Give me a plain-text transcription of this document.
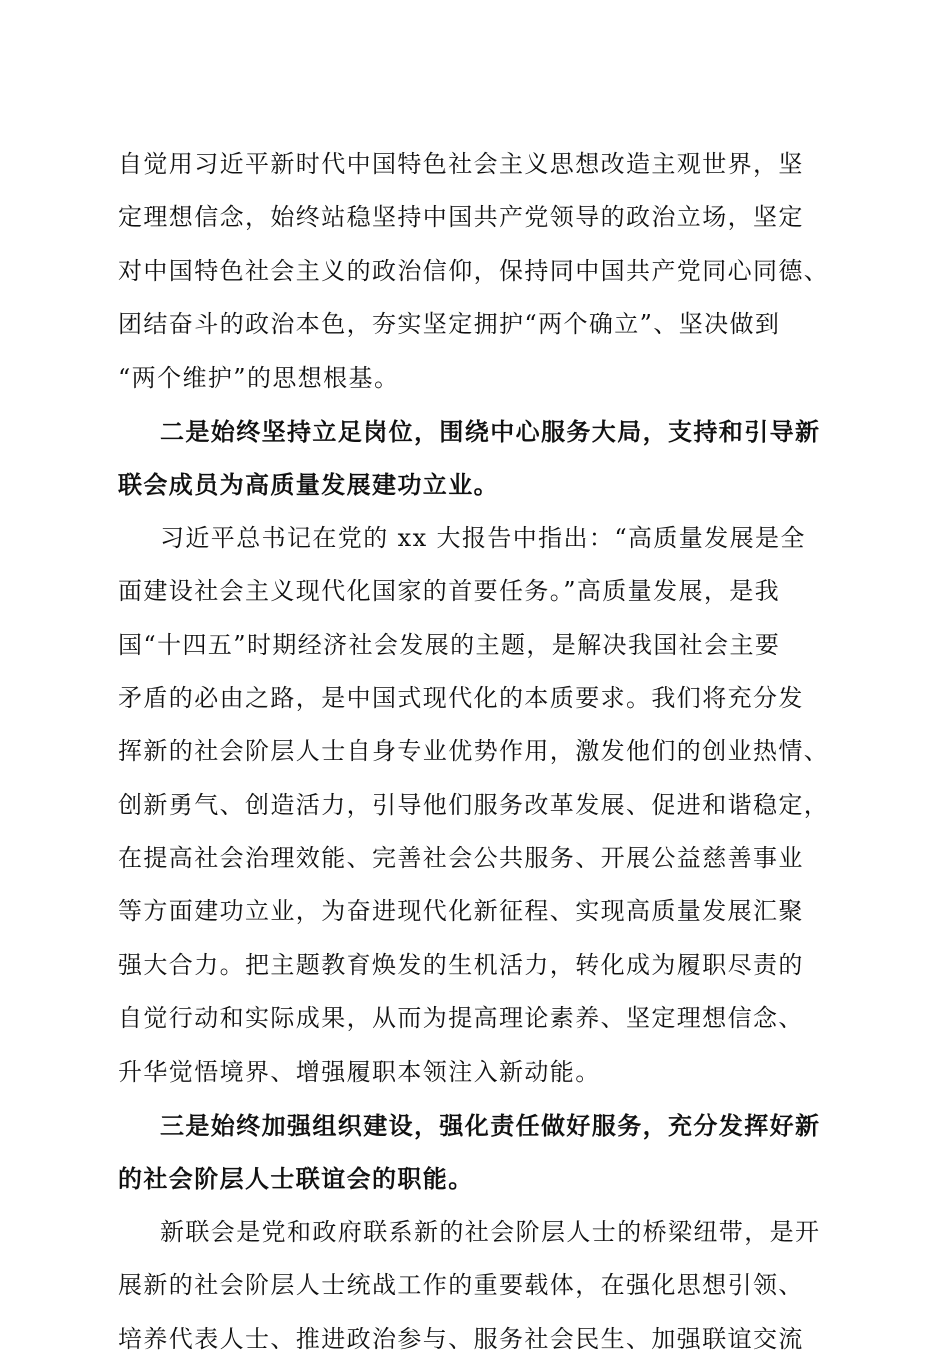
自觉用习近平新时代中国特色社会主义思想改造主观世界，坚
定理想信念，始终站稳坚持中国共产党领导的政治立场，坚定
对中国特色社会主义的政治信仰，保持同中国共产党同心同德、
团结奋斗的政治本色，夯实坚定拥护“两个确立”、坚决做到
“两个维护”的思想根基。
二是始终坚持立足岗位，围绕中心服务大局，支持和引导新
联会成员为高质量发展建功立业。
习近平总书记在党的 xx 大报告中指出：“高质量发展是全
面建设社会主义现代化国家的首要任务。”高质量发展，是我
国“十四五”时期经济社会发展的主题，是解决我国社会主要
矛盾的必由之路，是中国式现代化的本质要求。我们将充分发
挥新的社会阶层人士自身专业优势作用，激发他们的创业热情、
创新勇气、创造活力，引导他们服务改革发展、促进和谐稳定，
在提高社会治理效能、完善社会公共服务、开展公益慈善事业
等方面建功立业，为奋进现代化新征程、实现高质量发展汇聚
强大合力。把主题教育焕发的生机活力，转化成为履职尽责的
自觉行动和实际成果，从而为提高理论素养、坚定理想信念、
升华觉悟境界、增强履职本领注入新动能。
三是始终加强组织建设，强化责任做好服务，充分发挥好新
的社会阶层人士联谊会的职能。
新联会是党和政府联系新的社会阶层人士的桥梁纽带，是开
展新的社会阶层人士统战工作的重要载体，在强化思想引领、
培养代表人士、推进政治参与、服务社会民生、加强联谊交流
